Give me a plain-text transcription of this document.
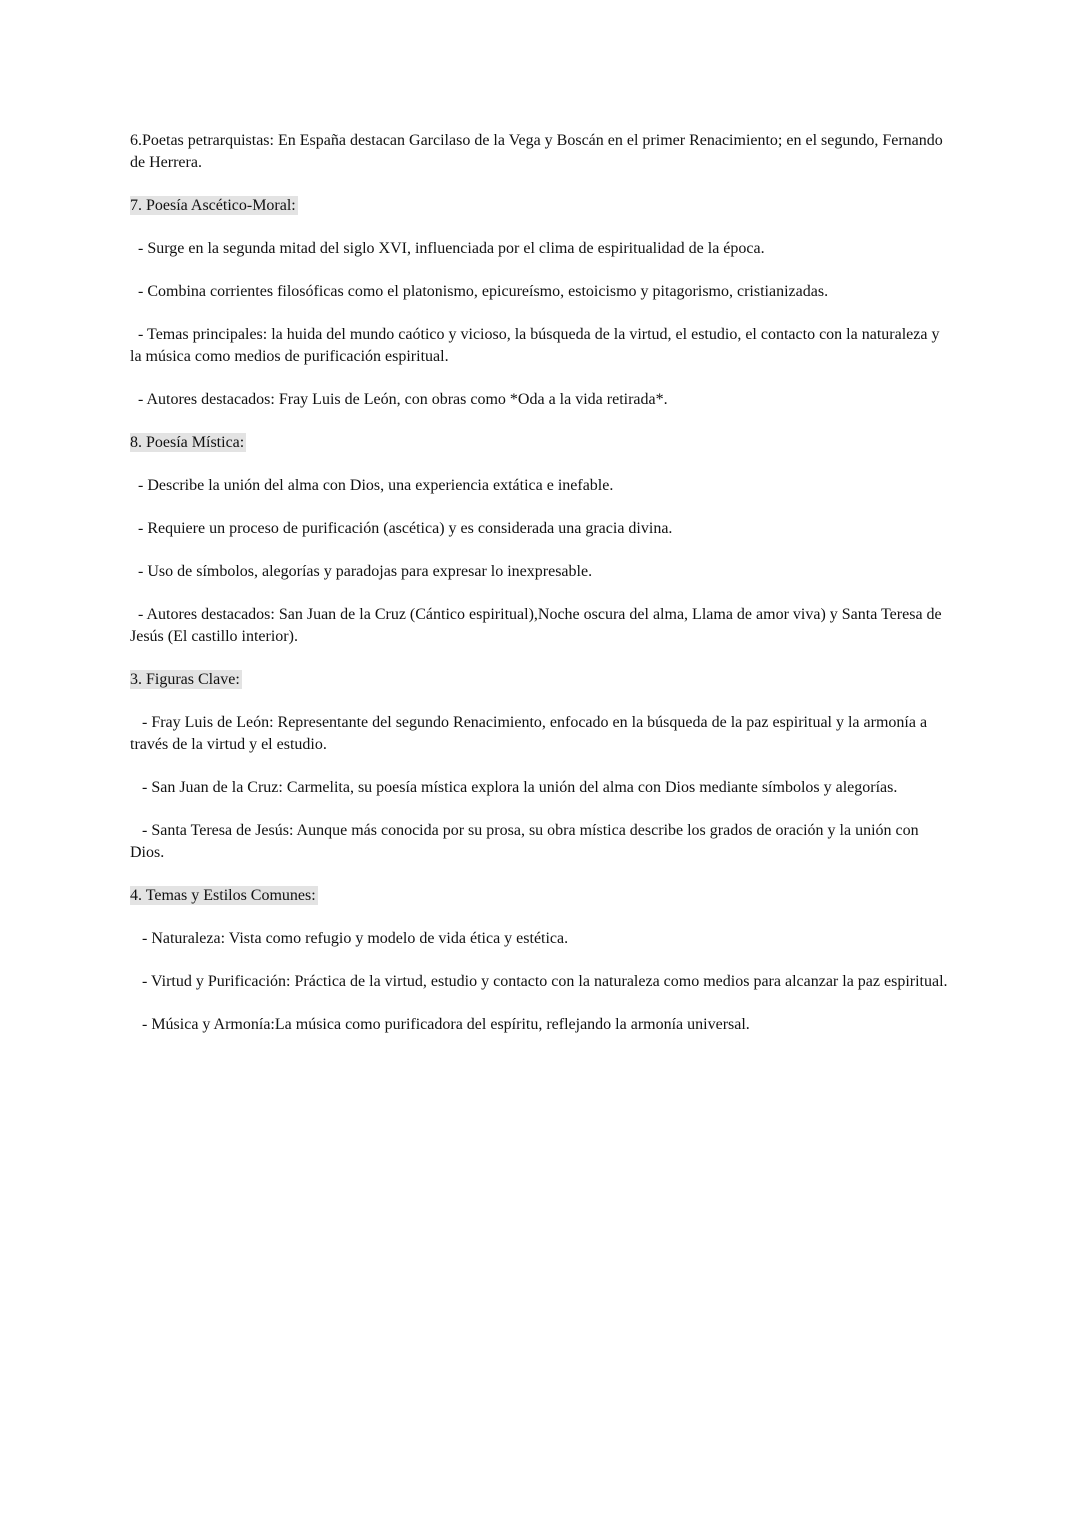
6.Poetas petrarquistas: En España destacan Garcilaso de la Vega y Boscán en el primer Renacimiento; en el segundo, Fernando de Herrera.

7. Poesía Ascético-Moral:

- Surge en la segunda mitad del siglo XVI, influenciada por el clima de espiritualidad de la época.

- Combina corrientes filosóficas como el platonismo, epicureísmo, estoicismo y pitagorismo, cristianizadas.

- Temas principales: la huida del mundo caótico y vicioso, la búsqueda de la virtud, el estudio, el contacto con la naturaleza y la música como medios de purificación espiritual.

- Autores destacados: Fray Luis de León, con obras como *Oda a la vida retirada*.

8. Poesía Mística:

- Describe la unión del alma con Dios, una experiencia extática e inefable.

- Requiere un proceso de purificación (ascética) y es considerada una gracia divina.

- Uso de símbolos, alegorías y paradojas para expresar lo inexpresable.

- Autores destacados: San Juan de la Cruz (Cántico espiritual),Noche oscura del alma, Llama de amor viva) y Santa Teresa de Jesús (El castillo interior).

3. Figuras Clave:

- Fray Luis de León: Representante del segundo Renacimiento, enfocado en la búsqueda de la paz espiritual y la armonía a través de la virtud y el estudio.

- San Juan de la Cruz: Carmelita, su poesía mística explora la unión del alma con Dios mediante símbolos y alegorías.

- Santa Teresa de Jesús: Aunque más conocida por su prosa, su obra mística describe los grados de oración y la unión con Dios.

4. Temas y Estilos Comunes:

- Naturaleza: Vista como refugio y modelo de vida ética y estética.

- Virtud y Purificación: Práctica de la virtud, estudio y contacto con la naturaleza como medios para alcanzar la paz espiritual.

- Música y Armonía:La música como purificadora del espíritu, reflejando la armonía universal.
